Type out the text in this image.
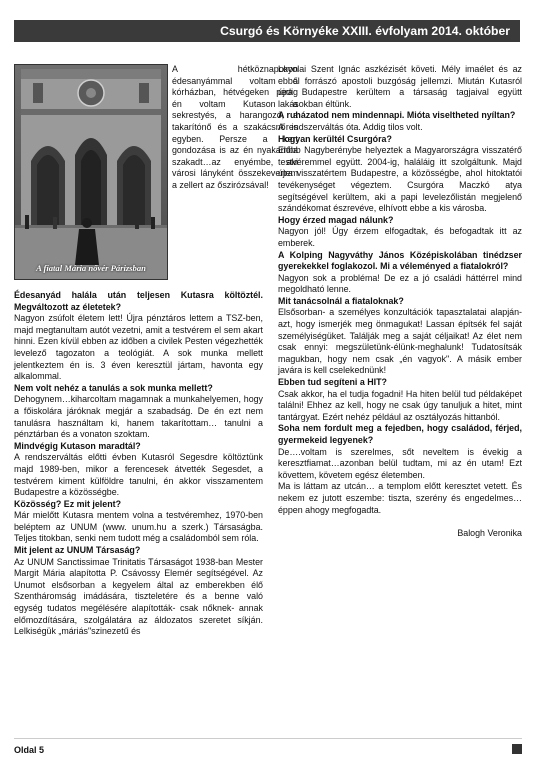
Csurgó és Környéke XXIII. évfolyam 2014. október
A fiatal Mária nővér Párizsban

A hétköznapokon édesanyámmal voltam a kórházban, hétvégeken pedig én voltam Kutason a sekrestyés, a harangozó, a takarítónő és a szakácsnő is egyben. Persze a kert gondozása is az én nyakamba szakadt…az enyémbe, aki városi lányként összekevertem a zellert az őszirózsával!

Édesanyád halála után teljesen Kutasra költöztél. Megváltozott az életetek?

Nagyon zsúfolt életem lett! Újra pénztáros lettem a TSZ-ben, majd megtanultam autót vezetni, amit a testvérem el sem akart hinni. Ezen kívül ebben az időben a civilek Pesten végezhették levelező tagozaton a teológiát. A sok munka mellett jelentkeztem én is. 3 éven keresztül jártam, havonta egy alkalommal.

Nem volt nehéz a tanulás a sok munka mellett?

Dehogynem…kiharcoltam magamnak a munkahelyemen, hogy a főiskolára járóknak megjár a szabadság. De én ezt nem tanulásra használtam ki, hanem takarítottam… tanulni a pénztárban és a vonaton szoktam.

Mindvégig Kutason maradtál?

A rendszerváltás előtti évben Kutasról Segesdre költöztünk majd 1989-ben, mikor a ferencesek átvették Segesdet, a testvérem kiment külföldre tanulni, én akkor visszamentem Budapestre a közösségbe.

Közösség? Ez mit jelent?

Már mielőtt Kutasra mentem volna a testvéremhez, 1970-ben beléptem az UNUM (www. unum.hu a szerk.) Társaságba. Teljes titokban, senki nem tudott még a családomból sem róla.

Mit jelent az UNUM Társaság?

Az UNUM Sanctissimae Trinitatis Társaságot 1938-ban Mester Margit Mária alapította P. Csávossy Elemér segítségével. Az Unumot elsősorban a kegyelem által az emberekben élő Szentháromság imádására, tiszteletére és a benne való egység tudatos megélésére alapították- csak nőknek- annak előmozdítására, szolgálatára az áldozatos szeretet síkján. Lelkiségük „máriás"szinezetű és

Loyolai Szent Ignác aszkézisét követi. Mély imaélet és az ebből forrászó apostoli buzgóság jellemzi. Miután Kutasról újra Budapestre kerültem a társaság tagjaival együtt lakásokban éltünk.

A ruházatod nem mindennapi. Miótа viseltheted nyíltan?

A rendszerváltás óta. Addig tilos volt.

Hogyan kerültél Csurgóra?

Előbb Nagyberénybe helyeztek a Magyarországra visszatérő testvéremmel együtt. 2004-ig, haláláig itt szolgáltunk. Majd újra visszatértem Budapestre, a közösségbe, ahol hitoktatói tevékenységet végeztem. Csurgóra Maczkó atya segítségével kerültem, aki a papi levelezőlistán megjelenő szándékomat észrevéve, elhívott ebbe a kis városba.

Hogy érzed magad nálunk?

Nagyon jól! Úgy érzem elfogadtak, és befogadtak itt az emberek.

A Kolping Nagyváthy János Középiskolában tinédzser gyerekekkel foglakozol. Mi a véleményed a fiatalokról?

Nagyon sok a probléma! De ez a jó családi háttérrel mind megoldható lenne.

Mit tanácsolnál a fiataloknak?

Elsősorban- a személyes konzultációk tapasztalatai alapján-azt, hogy ismerjék meg önmagukat! Lassan építsék fel saját személyiségüket. Találják meg a saját céljaikat! Az élet nem csak ennyi: megszületünk-élünk-meghalunk! Tudatosítsák magukban, hogy nem csak „én vagyok". A másik ember javára is kell cselekednünk!

Ebben tud segíteni a HIT?

Csak akkor, ha el tudja fogadni! Ha hiten belül tud példaképet találni! Ehhez az kell, hogy ne csak úgy tanuljuk a hitet, mint tantárgyat. Ezért nehéz például az osztályozás hittanból.

Soha nem fordult meg a fejedben, hogy családod, férjed, gyermekeid legyenek?

De….voltam is szerelmes, sőt neveltem is évekig a keresztfiamat…azonban belül tudtam, mi az én utam! Ezt követtem, követem egész életemben.

Ma is láttam az utcán… a templom előtt keresztet vetett. És nekem ez jutott eszembe: tiszta, szerény és engedelmes…éppen ahogy megfogadta.

Balogh Veronika

Oldal 5
